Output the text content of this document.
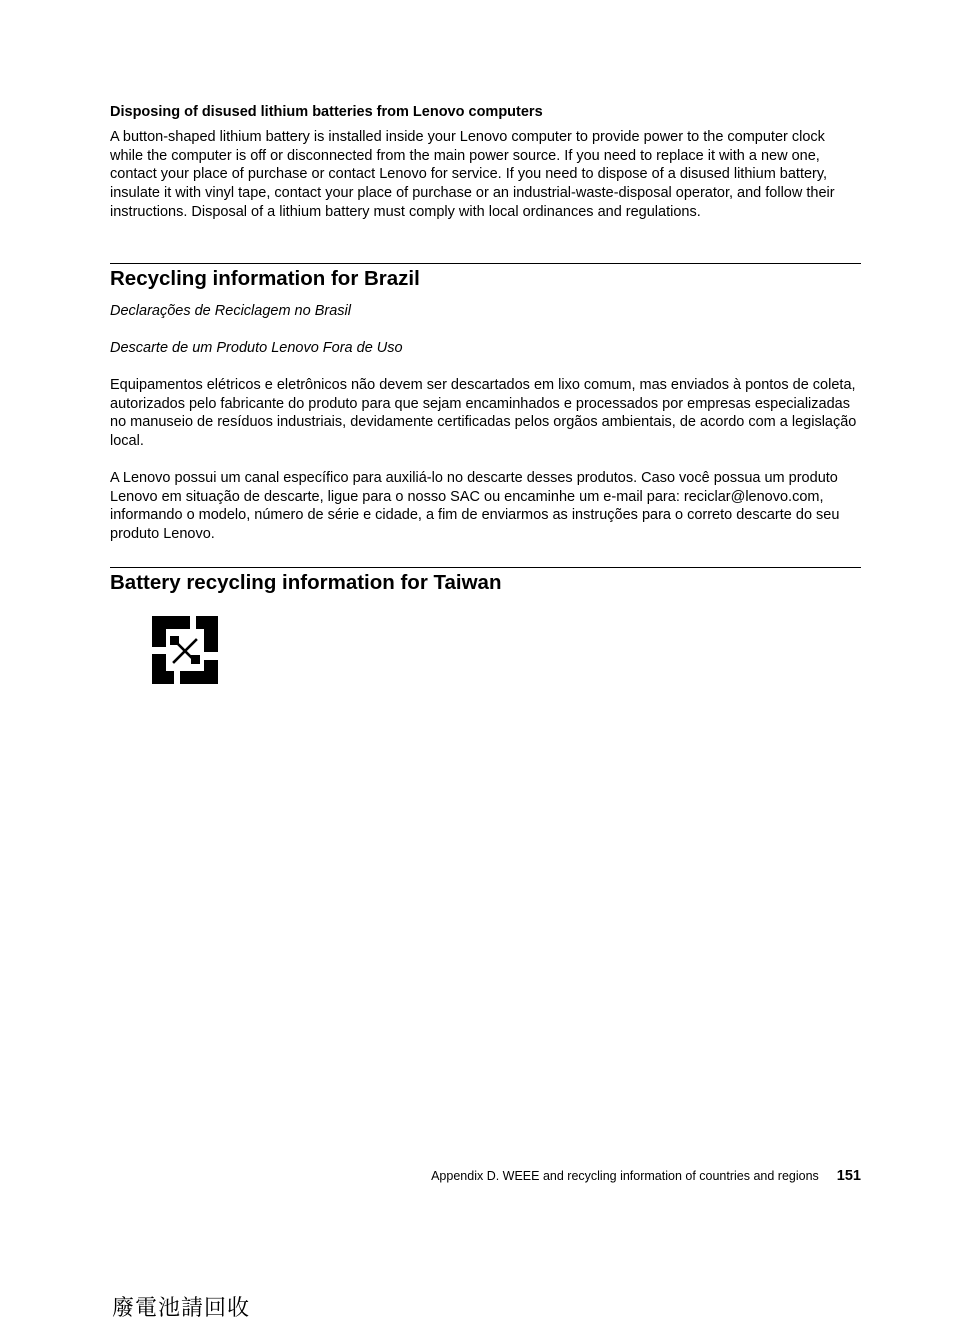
Disposing of disused lithium batteries from Lenovo computers

A button-shaped lithium battery is installed inside your Lenovo computer to provide power to the computer clock while the computer is off or disconnected from the main power source. If you need to replace it with a new one, contact your place of purchase or contact Lenovo for service. If you need to dispose of a disused lithium battery, insulate it with vinyl tape, contact your place of purchase or an industrial-waste-disposal operator, and follow their instructions. Disposal of a lithium battery must comply with local ordinances and regulations.

Recycling information for Brazil

Declarações de Reciclagem no Brasil

Descarte de um Produto Lenovo Fora de Uso

Equipamentos elétricos e eletrônicos não devem ser descartados em lixo comum, mas enviados à pontos de coleta, autorizados pelo fabricante do produto para que sejam encaminhados e processados por empresas especializadas no manuseio de resíduos industriais, devidamente certificadas pelos orgãos ambientais, de acordo com a legislação local.

A Lenovo possui um canal específico para auxiliá-lo no descarte desses produtos. Caso você possua um produto Lenovo em situação de descarte, ligue para o nosso SAC ou encaminhe um e-mail para: reciclar@lenovo.com, informando o modelo, número de série e cidade, a fim de enviarmos as instruções para o correto descarte do seu produto Lenovo.

Battery recycling information for Taiwan
廢電池請回收
Appendix D. WEEE and recycling information of countries and regions 151
